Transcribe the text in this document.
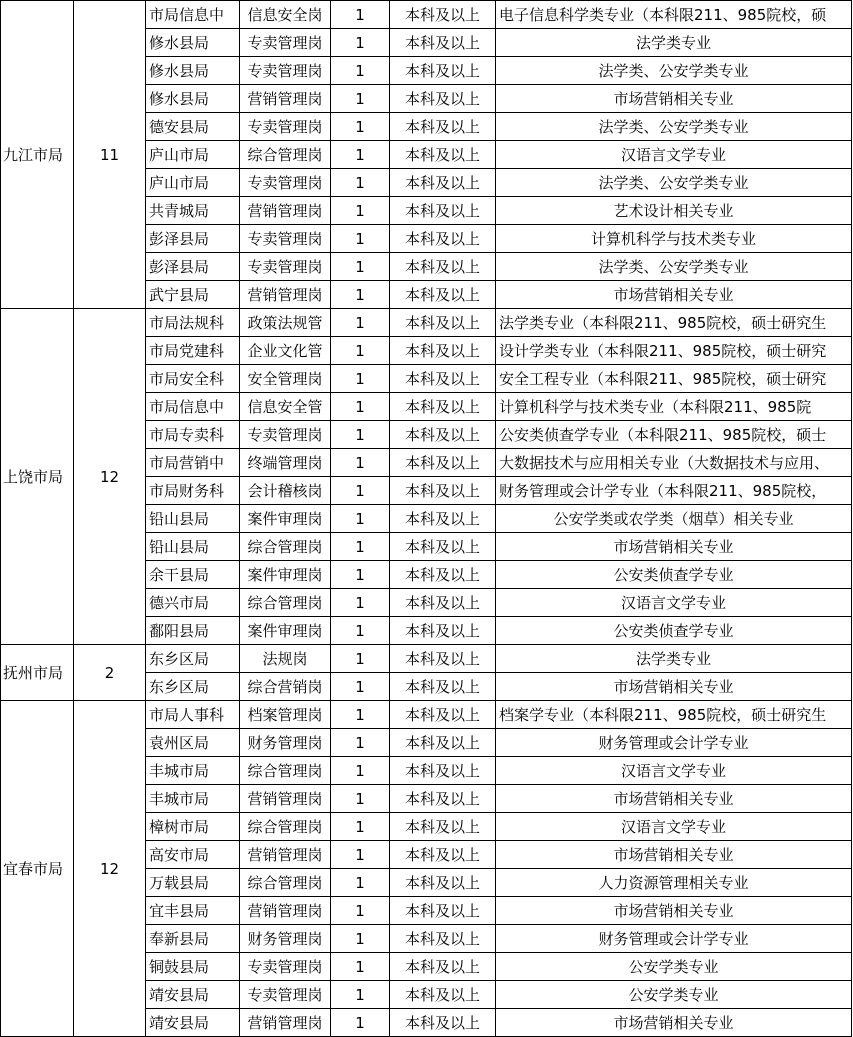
九江市局	11	市局信息中	信息安全岗	1	本科及以上	电子信息科学类专业（本科限211、985院校，硕
		修水县局	专卖管理岗	1	本科及以上	法学类专业
		修水县局	专卖管理岗	1	本科及以上	法学类、公安学类专业
		修水县局	营销管理岗	1	本科及以上	市场营销相关专业
		德安县局	专卖管理岗	1	本科及以上	法学类、公安学类专业
		庐山市局	综合管理岗	1	本科及以上	汉语言文学专业
		庐山市局	专卖管理岗	1	本科及以上	法学类、公安学类专业
		共青城局	营销管理岗	1	本科及以上	艺术设计相关专业
		彭泽县局	专卖管理岗	1	本科及以上	计算机科学与技术类专业
		彭泽县局	专卖管理岗	1	本科及以上	法学类、公安学类专业
		武宁县局	营销管理岗	1	本科及以上	市场营销相关专业
上饶市局	12	市局法规科	政策法规管	1	本科及以上	法学类专业（本科限211、985院校，硕士研究生
		市局党建科	企业文化管	1	本科及以上	设计学类专业（本科限211、985院校，硕士研究
		市局安全科	安全管理岗	1	本科及以上	安全工程专业（本科限211、985院校，硕士研究
		市局信息中	信息安全管	1	本科及以上	计算机科学与技术类专业（本科限211、985院
		市局专卖科	专卖管理岗	1	本科及以上	公安类侦查学专业（本科限211、985院校，硕士
		市局营销中	终端管理岗	1	本科及以上	大数据技术与应用相关专业（大数据技术与应用、
		市局财务科	会计稽核岗	1	本科及以上	财务管理或会计学专业（本科限211、985院校，
		铅山县局	案件审理岗	1	本科及以上	公安学类或农学类（烟草）相关专业
		铅山县局	综合管理岗	1	本科及以上	市场营销相关专业
		余干县局	案件审理岗	1	本科及以上	公安类侦查学专业
		德兴市局	综合管理岗	1	本科及以上	汉语言文学专业
		鄱阳县局	案件审理岗	1	本科及以上	公安类侦查学专业
抚州市局	2	东乡区局	法规岗	1	本科及以上	法学类专业
		东乡区局	综合营销岗	1	本科及以上	市场营销相关专业
宜春市局	12	市局人事科	档案管理岗	1	本科及以上	档案学专业（本科限211、985院校，硕士研究生
		袁州区局	财务管理岗	1	本科及以上	财务管理或会计学专业
		丰城市局	综合管理岗	1	本科及以上	汉语言文学专业
		丰城市局	营销管理岗	1	本科及以上	市场营销相关专业
		樟树市局	综合管理岗	1	本科及以上	汉语言文学专业
		高安市局	营销管理岗	1	本科及以上	市场营销相关专业
		万载县局	综合管理岗	1	本科及以上	人力资源管理相关专业
		宜丰县局	营销管理岗	1	本科及以上	市场营销相关专业
		奉新县局	财务管理岗	1	本科及以上	财务管理或会计学专业
		铜鼓县局	专卖管理岗	1	本科及以上	公安学类专业
		靖安县局	专卖管理岗	1	本科及以上	公安学类专业
		靖安县局	营销管理岗	1	本科及以上	市场营销相关专业
